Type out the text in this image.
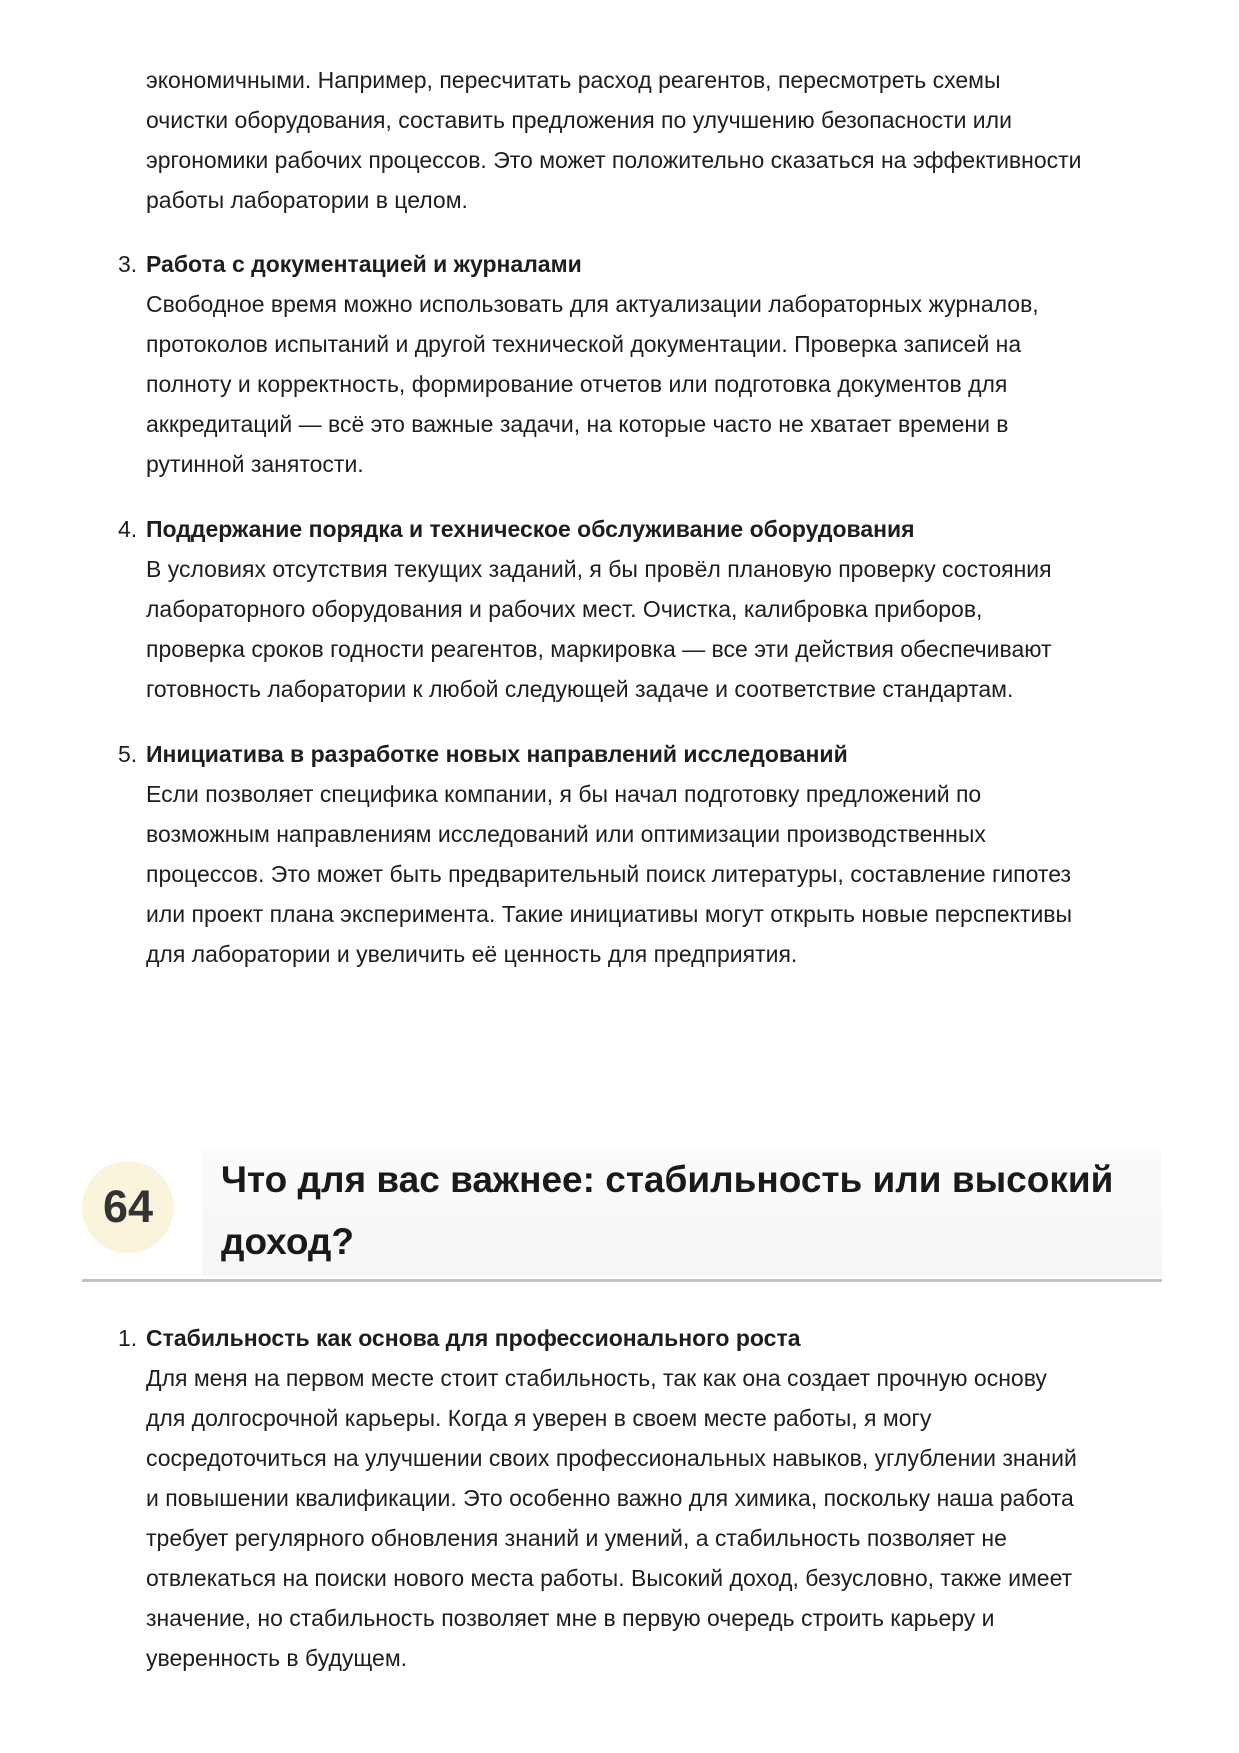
экономичными. Например, пересчитать расход реагентов, пересмотреть схемы
очистки оборудования, составить предложения по улучшению безопасности или
эргономики рабочих процессов. Это может положительно сказаться на эффективности
работы лаборатории в целом.
3. Работа с документацией и журналами
Свободное время можно использовать для актуализации лабораторных журналов,
протоколов испытаний и другой технической документации. Проверка записей на
полноту и корректность, формирование отчетов или подготовка документов для
аккредитаций — всё это важные задачи, на которые часто не хватает времени в
рутинной занятости.
4. Поддержание порядка и техническое обслуживание оборудования
В условиях отсутствия текущих заданий, я бы провёл плановую проверку состояния
лабораторного оборудования и рабочих мест. Очистка, калибровка приборов,
проверка сроков годности реагентов, маркировка — все эти действия обеспечивают
готовность лаборатории к любой следующей задаче и соответствие стандартам.
5. Инициатива в разработке новых направлений исследований
Если позволяет специфика компании, я бы начал подготовку предложений по
возможным направлениям исследований или оптимизации производственных
процессов. Это может быть предварительный поиск литературы, составление гипотез
или проект плана эксперимента. Такие инициативы могут открыть новые перспективы
для лаборатории и увеличить её ценность для предприятия.
64
Что для вас важнее: стабильность или высокий
доход?
1. Стабильность как основа для профессионального роста
Для меня на первом месте стоит стабильность, так как она создает прочную основу
для долгосрочной карьеры. Когда я уверен в своем месте работы, я могу
сосредоточиться на улучшении своих профессиональных навыков, углублении знаний
и повышении квалификации. Это особенно важно для химика, поскольку наша работа
требует регулярного обновления знаний и умений, а стабильность позволяет не
отвлекаться на поиски нового места работы. Высокий доход, безусловно, также имеет
значение, но стабильность позволяет мне в первую очередь строить карьеру и
уверенность в будущем.
